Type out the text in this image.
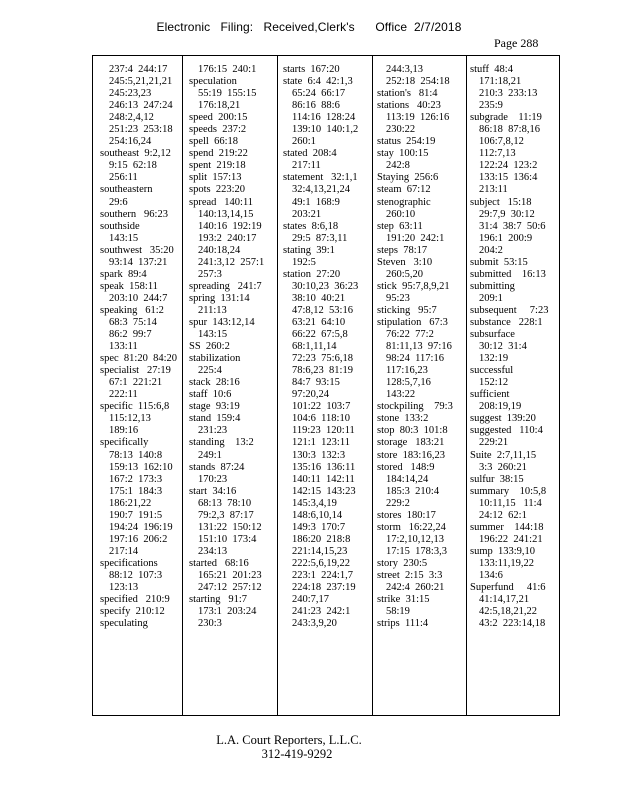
Electronic   Filing:   Received,Clerk's      Office  2/7/2018
Page 288
237:4  244:17
245:5,21,21,21
245:23,23
246:13  247:24
248:2,4,12
251:23  253:18
254:16,24
southeast  9:2,12
9:15  62:18
256:11
southeastern
29:6
southern   96:23
southside
143:15
southwest   35:20
93:14  137:21
spark  89:4
speak  158:11
203:10  244:7
speaking   61:2
68:3  75:14
86:2  99:7
133:11
spec  81:20  84:20
specialist   27:19
67:1  221:21
222:11
specific  115:6,8
115:12,13
189:16
specifically
78:13  140:8
159:13  162:10
167:2  173:3
175:1  184:3
186:21,22
190:7  191:5
194:24  196:19
197:16  206:2
217:14
specifications
88:12  107:3
123:13
specified   210:9
specify  210:12
speculating
176:15  240:1
speculation
55:19  155:15
176:18,21
speed  200:15
speeds  237:2
spell  66:18
spend  219:22
spent  219:18
split  157:13
spots  223:20
spread   140:11
140:13,14,15
140:16  192:19
193:2  240:17
240:18,24
241:3,12  257:1
257:3
spreading   241:7
spring  131:14
211:13
spur  143:12,14
143:15
SS  260:2
stabilization
225:4
stack  28:16
staff  10:6
stage  93:19
stand  159:4
231:23
standing    13:2
249:1
stands  87:24
170:23
start  34:16
68:13  78:10
79:2,3  87:17
131:22  150:12
151:10  173:4
234:13
started   68:16
165:21  201:23
247:12  257:12
starting   91:7
173:1  203:24
230:3
starts  167:20
state  6:4  42:1,3
65:24  66:17
86:16  88:6
114:16  128:24
139:10  140:1,2
260:1
stated  208:4
217:11
statement   32:1,1
32:4,13,21,24
49:1  168:9
203:21
states  8:6,18
29:5  87:3,11
stating  39:1
192:5
station  27:20
30:10,23  36:23
38:10  40:21
47:8,12  53:16
63:21  64:10
66:22  67:5,8
68:1,11,14
72:23  75:6,18
78:6,23  81:19
84:7  93:15
97:20,24
101:22  103:7
104:6  118:10
119:23  120:11
121:1  123:11
130:3  132:3
135:16  136:11
140:11  142:11
142:15  143:23
145:3,4,19
148:6,10,14
149:3  170:7
186:20  218:8
221:14,15,23
222:5,6,19,22
223:1  224:1,7
224:18  237:19
240:7,17
241:23  242:1
243:3,9,20
244:3,13
252:18  254:18
station's   81:4
stations   40:23
113:19  126:16
230:22
status  254:19
stay  100:15
242:8
Staying  256:6
steam  67:12
stenographic
260:10
step  63:11
191:20  242:1
steps  78:17
Steven   3:10
260:5,20
stick  95:7,8,9,21
95:23
sticking   95:7
stipulation   67:3
76:22  77:2
81:11,13  97:16
98:24  117:16
117:16,23
128:5,7,16
143:22
stockpiling    79:3
stone  133:2
stop  80:3  101:8
storage   183:21
store  183:16,23
stored   148:9
184:14,24
185:3  210:4
229:2
stores  180:17
storm   16:22,24
17:2,10,12,13
17:15  178:3,3
story  230:5
street  2:15  3:3
242:4  260:21
strike  31:15
58:19
strips  111:4
stuff  48:4
171:18,21
210:3  233:13
235:9
subgrade    11:19
86:18  87:8,16
106:7,8,12
112:7,13
122:24  123:2
133:15  136:4
213:11
subject   15:18
29:7,9  30:12
31:4  38:7  50:6
196:1  200:9
204:2
submit  53:15
submitted    16:13
submitting
209:1
subsequent     7:23
substance   228:1
subsurface
30:12  31:4
132:19
successful
152:12
sufficient
208:19,19
suggest  139:20
suggested   110:4
229:21
Suite  2:7,11,15
3:3  260:21
sulfur  38:15
summary    10:5,8
10:11,15   11:4
24:12  62:1
summer    144:18
196:22  241:21
sump  133:9,10
133:11,19,22
134:6
Superfund     41:6
41:14,17,21
42:5,18,21,22
43:2  223:14,18
L.A. Court Reporters, L.L.C.
312-419-9292
